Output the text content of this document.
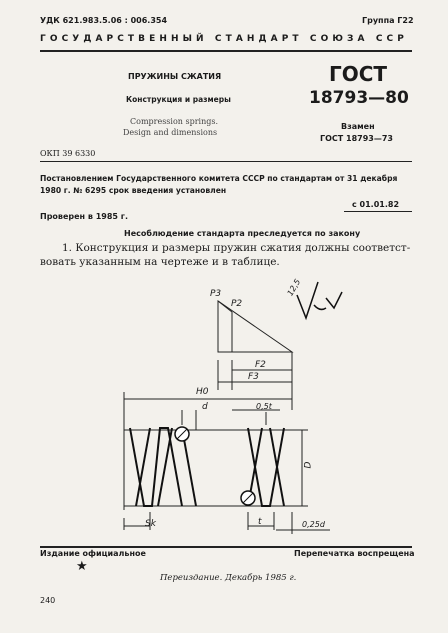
УДК 621.983.5.06 : 006.354	Группа Г22
ГОСУДАРСТВЕННЫЙ СТАНДАРТ СОЮЗА ССР
ПРУЖИНЫ СЖАТИЯ
Конструкция и размеры
Compression springs.
Design and dimensions
ГОСТ
18793—80
Взамен
ГОСТ 18793—73
ОКП 39 6330
Постановлением Государственного комитета СССР по стандартам от 31 декабря
1980 г. № 6295 срок введения установлен
с 01.01.82
Проверен в 1985 г.
Несоблюдение стандарта преследуется по закону
1. Конструкция и размеры пружин сжатия должны соответст-
вовать указанным на чертеже и в таблице.
P3
P2
F2
F3
H0
d	0,5t
D
Sk	t	0,25d
12,5
Издание официальное	Перепечатка воспрещена
★
Переиздание. Декабрь 1985 г.
240
